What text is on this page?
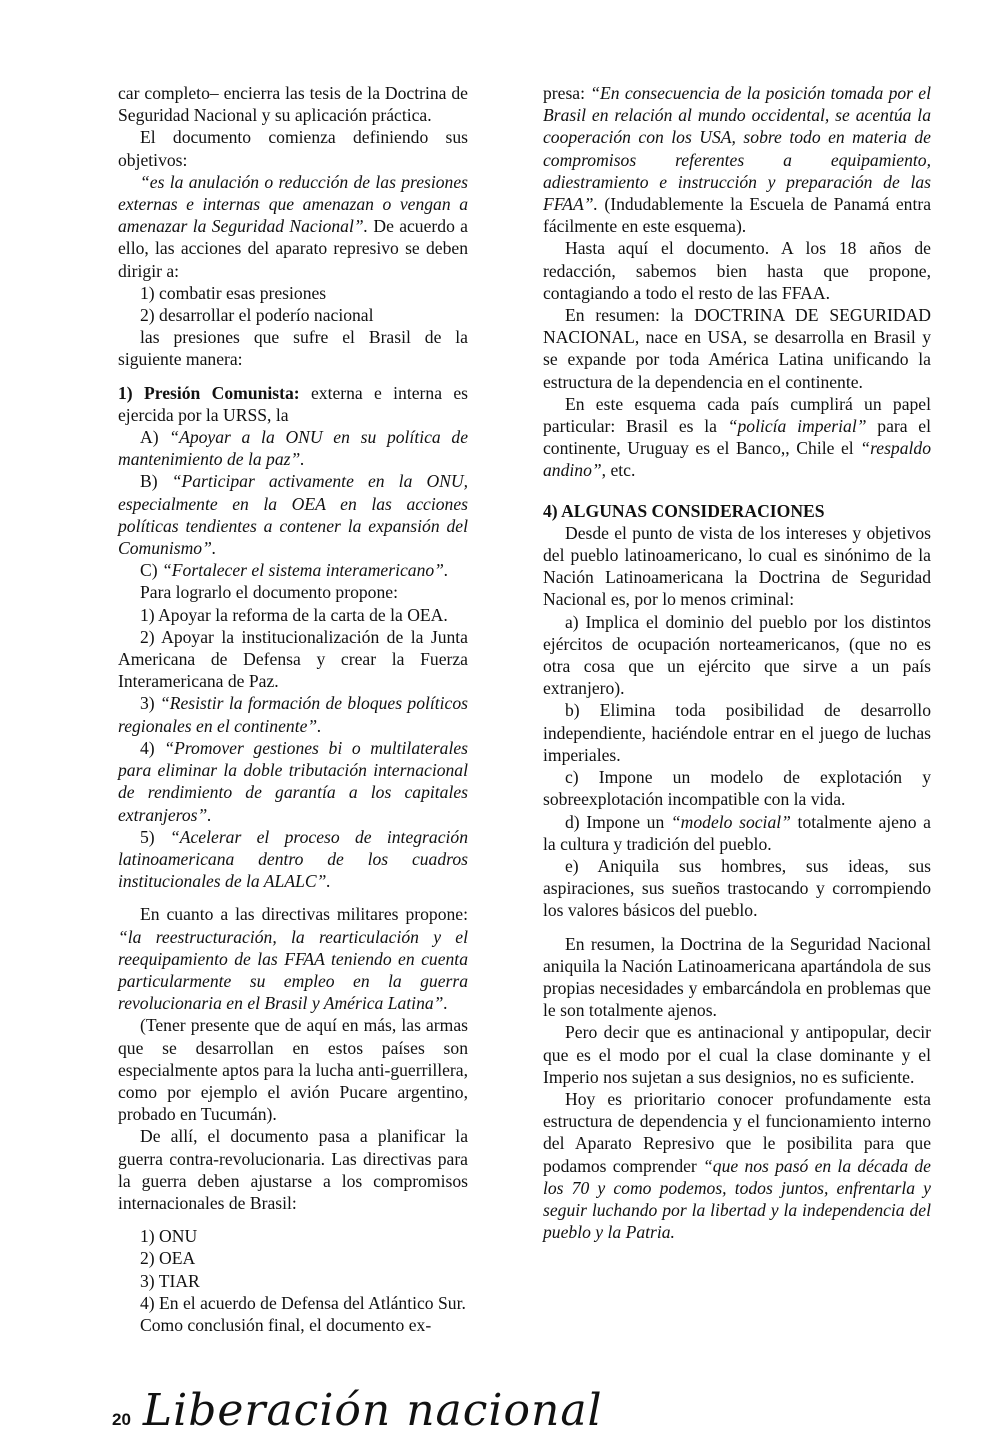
car completo– encierra las tesis de la Doctrina de Seguridad Nacional y su aplicación práctica.

El documento comienza definiendo sus objetivos:

“es la anulación o reducción de las presiones externas e internas que amenazan o vengan a amenazar la Seguridad Nacional”. De acuerdo a ello, las acciones del aparato represivo se deben dirigir a:

1) combatir esas presiones

2) desarrollar el poderío nacional

las presiones que sufre el Brasil de la siguiente manera:

1) Presión Comunista: externa e interna es ejercida por la URSS, la

A) “Apoyar a la ONU en su política de mantenimiento de la paz”.

B) “Participar activamente en la ONU, especialmente en la OEA en las acciones políticas tendientes a contener la expansión del Comunismo”.

C) “Fortalecer el sistema interamericano”.

Para lograrlo el documento propone:

1) Apoyar la reforma de la carta de la OEA.

2) Apoyar la institucionalización de la Junta Americana de Defensa y crear la Fuerza Interamericana de Paz.

3) “Resistir la formación de bloques políticos regionales en el continente”.

4) “Promover gestiones bi o multilaterales para eliminar la doble tributación internacional de rendimiento de garantía a los capitales extranjeros”.

5) “Acelerar el proceso de integración latinoamericana dentro de los cuadros institucionales de la ALALC”.

En cuanto a las directivas militares propone: “la reestructuración, la rearticulación y el reequipamiento de las FFAA teniendo en cuenta particularmente su empleo en la guerra revolucionaria en el Brasil y América Latina”.

(Tener presente que de aquí en más, las armas que se desarrollan en estos países son especialmente aptos para la lucha anti-guerrillera, como por ejemplo el avión Pucare argentino, probado en Tucumán).

De allí, el documento pasa a planificar la guerra contra-revolucionaria. Las directivas para la guerra deben ajustarse a los compromisos internacionales de Brasil:

1) ONU

2) OEA

3) TIAR

4) En el acuerdo de Defensa del Atlántico Sur.

Como conclusión final, el documento ex-

presa: “En consecuencia de la posición tomada por el Brasil en relación al mundo occidental, se acentúa la cooperación con los USA, sobre todo en materia de compromisos referentes a equipamiento, adiestramiento e instrucción y preparación de las FFAA”. (Indudablemente la Escuela de Panamá entra fácilmente en este esquema).

Hasta aquí el documento. A los 18 años de redacción, sabemos bien hasta que propone, contagiando a todo el resto de las FFAA.

En resumen: la DOCTRINA DE SEGURIDAD NACIONAL, nace en USA, se desarrolla en Brasil y se expande por toda América Latina unificando la estructura de la dependencia en el continente.

En este esquema cada país cumplirá un papel particular: Brasil es la “policía imperial” para el continente, Uruguay es el Banco,, Chile el “respaldo andino”, etc.

4) ALGUNAS CONSIDERACIONES

Desde el punto de vista de los intereses y objetivos del pueblo latinoamericano, lo cual es sinónimo de la Nación Latinoamericana la Doctrina de Seguridad Nacional es, por lo menos criminal:

a) Implica el dominio del pueblo por los distintos ejércitos de ocupación norteamericanos, (que no es otra cosa que un ejército que sirve a un país extranjero).

b) Elimina toda posibilidad de desarrollo independiente, haciéndole entrar en el juego de luchas imperiales.

c) Impone un modelo de explotación y sobreexplotación incompatible con la vida.

d) Impone un “modelo social” totalmente ajeno a la cultura y tradición del pueblo.

e) Aniquila sus hombres, sus ideas, sus aspiraciones, sus sueños trastocando y corrompiendo los valores básicos del pueblo.

En resumen, la Doctrina de la Seguridad Nacional aniquila la Nación Latinoamericana apartándola de sus propias necesidades y embarcándola en problemas que le son totalmente ajenos.

Pero decir que es antinacional y antipopular, decir que es el modo por el cual la clase dominante y el Imperio nos sujetan a sus designios, no es suficiente.

Hoy es prioritario conocer profundamente esta estructura de dependencia y el funcionamiento interno del Aparato Represivo que le posibilita para que podamos comprender “que nos pasó en la década de los 70 y como podemos, todos juntos, enfrentarla y seguir luchando por la libertad y la independencia del pueblo y la Patria.

20 Liberación nacional
